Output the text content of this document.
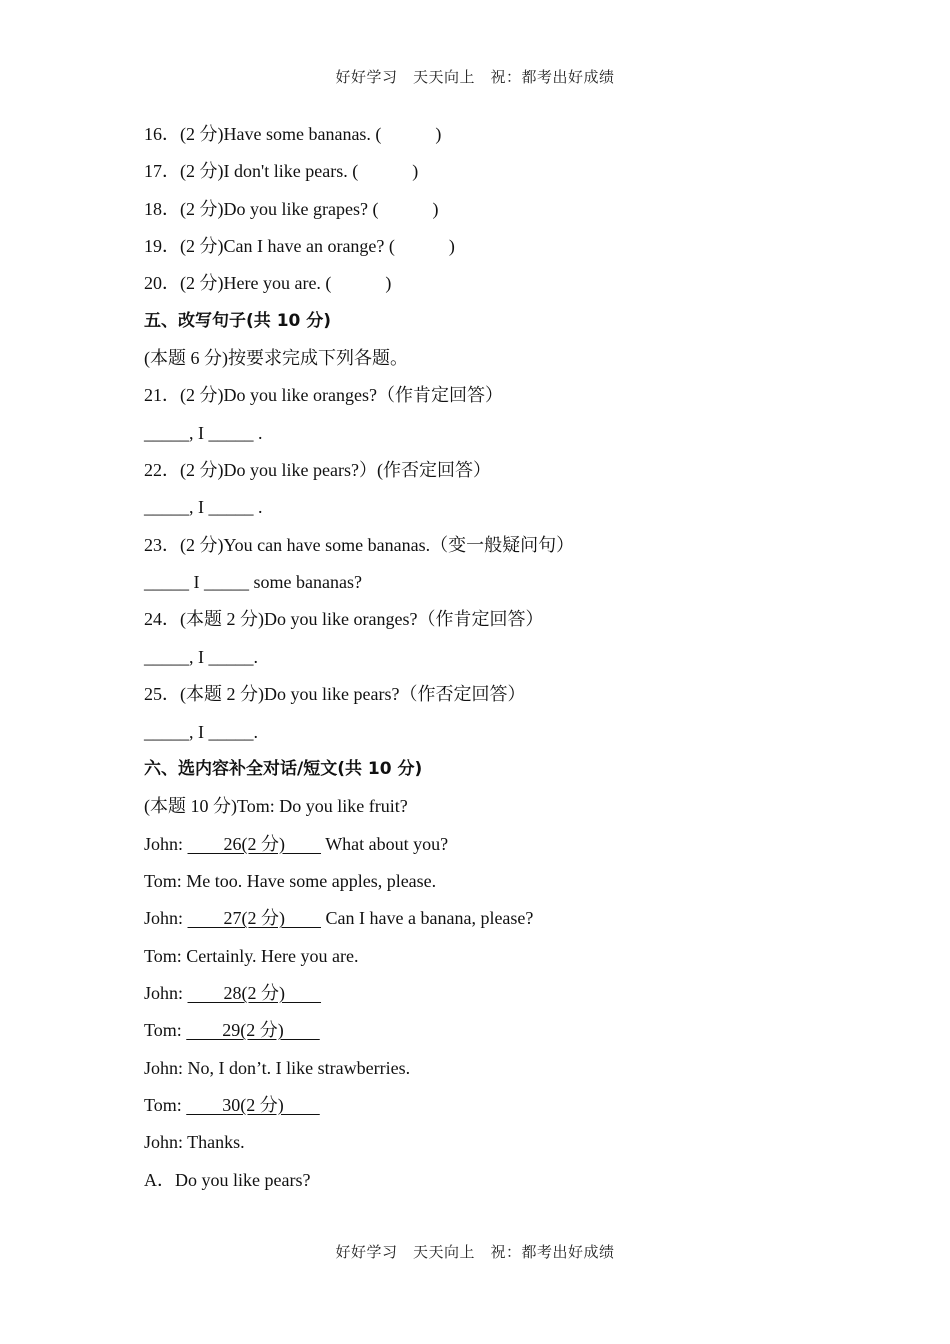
好好学习　天天向上　祝：都考出好成绩
16．(2 分)Have some bananas. (　　　)
17．(2 分)I don't like pears. (　　　)
18．(2 分)Do you like grapes? (　　　)
19．(2 分)Can I have an orange? (　　　)
20．(2 分)Here you are. (　　　)
五、改写句子(共 10 分)
(本题 6 分)按要求完成下列各题。
21．(2 分)Do you like oranges?（作肯定回答）
_____, I _____ .
22．(2 分)Do you like pears?）(作否定回答）
_____, I _____ .
23．(2 分)You can have some bananas.（变一般疑问句）
_____ I _____ some bananas?
24．(本题 2 分)Do you like oranges?（作肯定回答）
_____, I _____.
25．(本题 2 分)Do you like pears?（作否定回答）
_____, I _____.
六、选内容补全对话/短文(共 10 分)
(本题 10 分)Tom: Do you like fruit?
John: 　　26(2 分)　　 What about you?
Tom: Me too. Have some apples, please.
John: 　　27(2 分)　　 Can I have a banana, please?
Tom: Certainly. Here you are.
John: 　　28(2 分)　　
Tom: 　　29(2 分)　　
John: No, I don’t. I like strawberries.
Tom: 　　30(2 分)　　
John: Thanks.
A．Do you like pears?
好好学习　天天向上　祝：都考出好成绩
